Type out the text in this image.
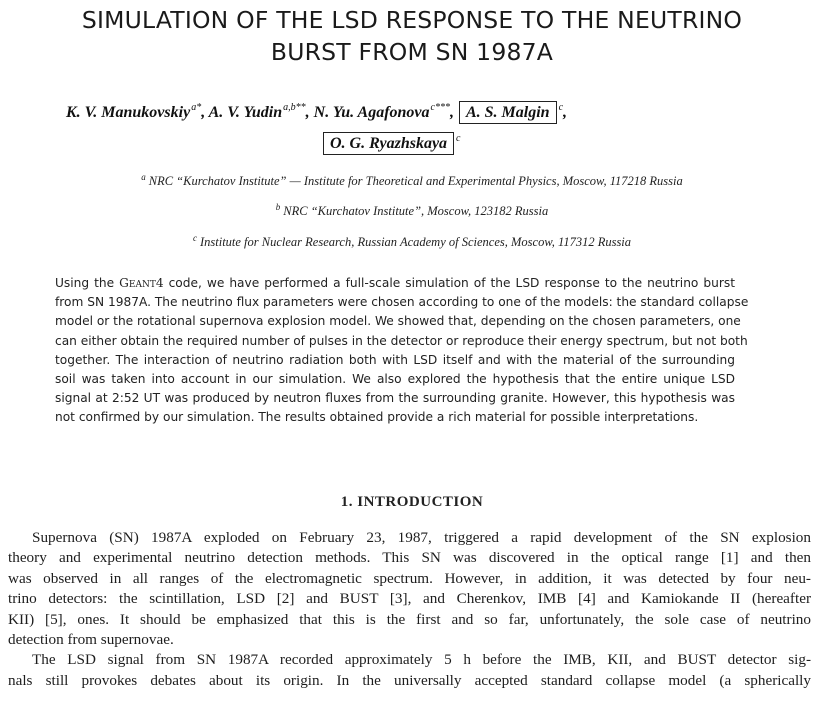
SIMULATION OF THE LSD RESPONSE TO THE NEUTRINO
BURST FROM SN 1987A
K. V. Manukovskiy$^{a*}$, A. V. Yudin$^{a,b**}$, N. Yu. Agafonova$^{c***}$, A. S. Malgin $^c$,
O. G. Ryazhskaya $^c$
$^a$ NRC “Kurchatov Institute” — Institute for Theoretical and Experimental Physics, Moscow, 117218 Russia
$^b$ NRC “Kurchatov Institute”, Moscow, 123182 Russia
$^c$ Institute for Nuclear Research, Russian Academy of Sciences, Moscow, 117312 Russia
Using the Geant4 code, we have performed a full-scale simulation of the LSD response to the neutrino burst
from SN 1987A. The neutrino flux parameters were chosen according to one of the models: the standard collapse
model or the rotational supernova explosion model. We showed that, depending on the chosen parameters, one
can either obtain the required number of pulses in the detector or reproduce their energy spectrum, but not both
together. The interaction of neutrino radiation both with LSD itself and with the material of the surrounding
soil was taken into account in our simulation. We also explored the hypothesis that the entire unique LSD
signal at 2:52 UT was produced by neutron fluxes from the surrounding granite. However, this hypothesis was
not confirmed by our simulation. The results obtained provide a rich material for possible interpretations.
1. INTRODUCTION
Supernova (SN) 1987A exploded on February 23, 1987, triggered a rapid development of the SN explosion
theory and experimental neutrino detection methods. This SN was discovered in the optical range [1] and then
was observed in all ranges of the electromagnetic spectrum. However, in addition, it was detected by four neu-
trino detectors: the scintillation, LSD [2] and BUST [3], and Cherenkov, IMB [4] and Kamiokande II (hereafter
KII) [5], ones. It should be emphasized that this is the first and so far, unfortunately, the sole case of neutrino
detection from supernovae.
The LSD signal from SN 1987A recorded approximately 5 h before the IMB, KII, and BUST detector sig-
nals still provokes debates about its origin. In the universally accepted standard collapse model (a spherically
